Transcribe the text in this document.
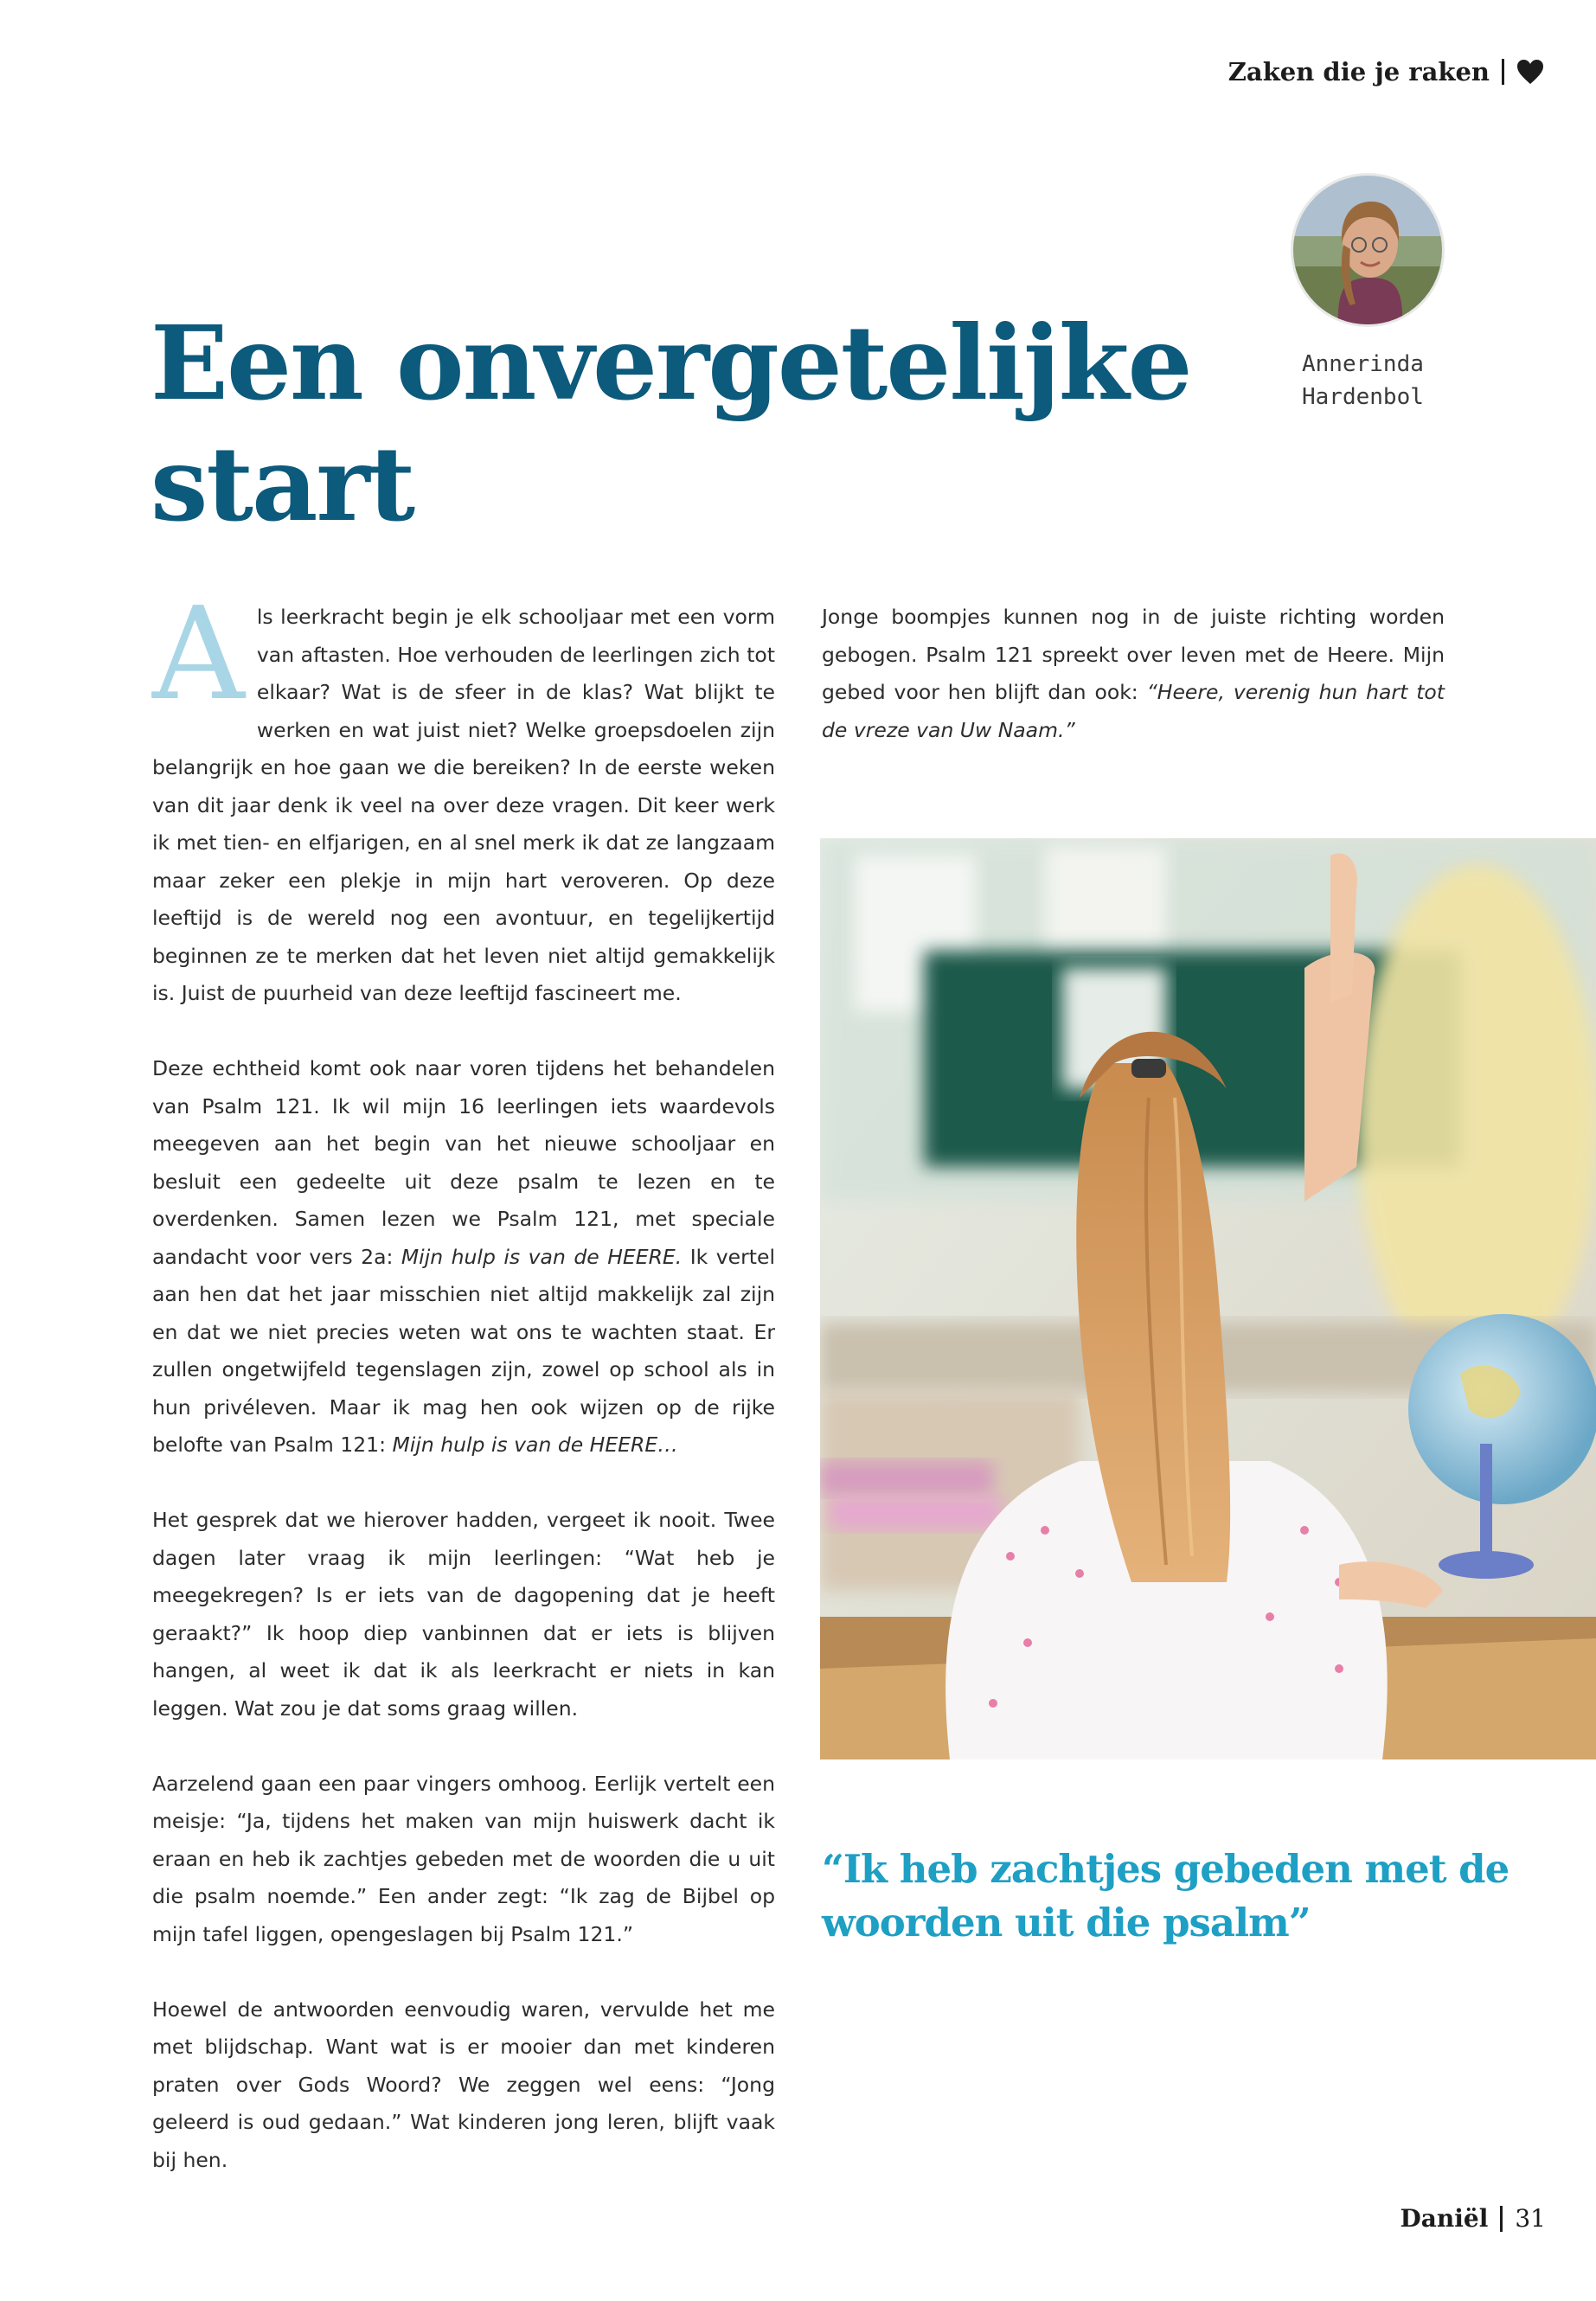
Zaken die je raken

Annerinda
Hardenbol

Een onvergetelijke
start

Als leerkracht begin je elk schooljaar met een vorm van aftasten. Hoe verhouden de leerlingen zich tot elkaar? Wat is de sfeer in de klas? Wat blijkt te werken en wat juist niet? Welke groepsdoelen zijn belangrijk en hoe gaan we die bereiken? In de eerste weken van dit jaar denk ik veel na over deze vragen. Dit keer werk ik met tien- en elfjarigen, en al snel merk ik dat ze langzaam maar zeker een plekje in mijn hart veroveren. Op deze leeftijd is de wereld nog een avontuur, en tegelijkertijd beginnen ze te merken dat het leven niet altijd gemakkelijk is. Juist de puurheid van deze leeftijd fascineert me.

Deze echtheid komt ook naar voren tijdens het behandelen van Psalm 121. Ik wil mijn 16 leerlingen iets waardevols meegeven aan het begin van het nieuwe schooljaar en besluit een gedeelte uit deze psalm te lezen en te overdenken. Samen lezen we Psalm 121, met speciale aandacht voor vers 2a: Mijn hulp is van de HEERE. Ik vertel aan hen dat het jaar misschien niet altijd makkelijk zal zijn en dat we niet precies weten wat ons te wachten staat. Er zullen ongetwijfeld tegenslagen zijn, zowel op school als in hun privéleven. Maar ik mag hen ook wijzen op de rijke belofte van Psalm 121: Mijn hulp is van de HEERE…

Het gesprek dat we hierover hadden, vergeet ik nooit. Twee dagen later vraag ik mijn leerlingen: “Wat heb je meegekregen? Is er iets van de dagopening dat je heeft geraakt?” Ik hoop diep vanbinnen dat er iets is blijven hangen, al weet ik dat ik als leerkracht er niets in kan leggen. Wat zou je dat soms graag willen.

Aarzelend gaan een paar vingers omhoog. Eerlijk vertelt een meisje: “Ja, tijdens het maken van mijn huiswerk dacht ik eraan en heb ik zachtjes gebeden met de woorden die u uit die psalm noemde.” Een ander zegt: “Ik zag de Bijbel op mijn tafel liggen, opengeslagen bij Psalm 121.”

Hoewel de antwoorden eenvoudig waren, vervulde het me met blijdschap. Want wat is er mooier dan met kinderen praten over Gods Woord? We zeggen wel eens: “Jong geleerd is oud gedaan.” Wat kinderen jong leren, blijft vaak bij hen.

Jonge boompjes kunnen nog in de juiste richting worden gebogen. Psalm 121 spreekt over leven met de Heere. Mijn gebed voor hen blijft dan ook: “Heere, verenig hun hart tot de vreze van Uw Naam.”

“Ik heb zachtjes gebeden met de woorden uit die psalm”

Daniël 31
